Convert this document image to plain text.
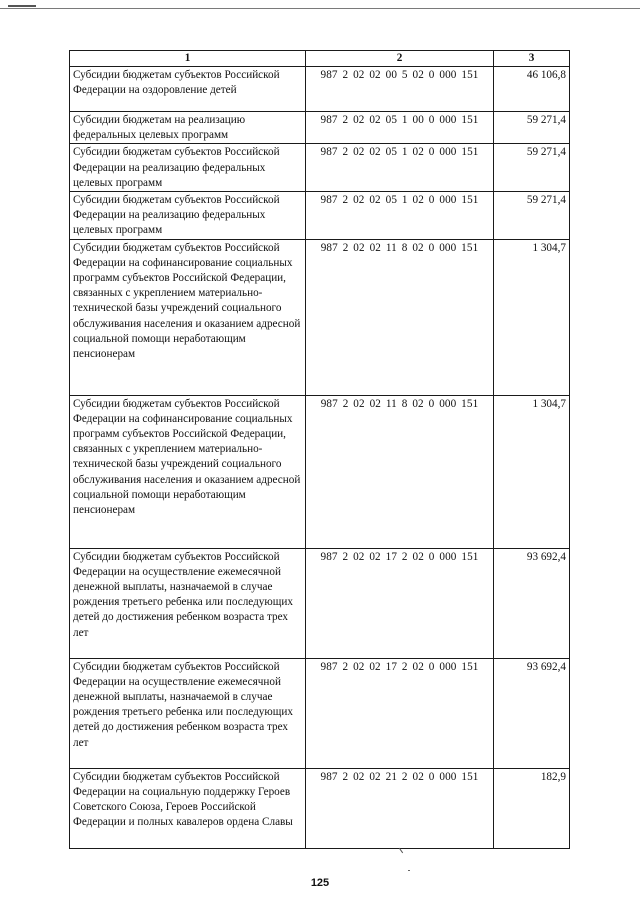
1	2	3
Субсидии бюджетам субъектов Российской Федерации на оздоровление детей	987 2 02 02 00 5 02 0 000 151	46 106,8
Субсидии бюджетам на реализацию федеральных целевых программ	987 2 02 02 05 1 00 0 000 151	59 271,4
Субсидии бюджетам субъектов Российской Федерации на реализацию федеральных целевых программ	987 2 02 02 05 1 02 0 000 151	59 271,4
Субсидии бюджетам субъектов Российской Федерации на реализацию федеральных целевых программ	987 2 02 02 05 1 02 0 000 151	59 271,4
Субсидии бюджетам субъектов Российской Федерации на софинансирование социальных программ субъектов Российской Федерации, связанных с укреплением материально-технической базы учреждений социального обслуживания населения и оказанием адресной социальной помощи неработающим пенсионерам	987 2 02 02 11 8 02 0 000 151	1 304,7
Субсидии бюджетам субъектов Российской Федерации на софинансирование социальных программ субъектов Российской Федерации, связанных с укреплением материально-технической базы учреждений социального обслуживания населения и оказанием адресной социальной помощи неработающим пенсионерам	987 2 02 02 11 8 02 0 000 151	1 304,7
Субсидии бюджетам субъектов Российской Федерации на осуществление ежемесячной денежной выплаты, назначаемой в случае рождения третьего ребенка или последующих детей до достижения ребенком возраста трех лет	987 2 02 02 17 2 02 0 000 151	93 692,4
Субсидии бюджетам субъектов Российской Федерации на осуществление ежемесячной денежной выплаты, назначаемой в случае рождения третьего ребенка или последующих детей до достижения ребенком возраста трех лет	987 2 02 02 17 2 02 0 000 151	93 692,4
Субсидии бюджетам субъектов Российской Федерации на социальную поддержку Героев Советского Союза, Героев Российской Федерации и полных кавалеров ордена Славы	987 2 02 02 21 2 02 0 000 151	182,9
125
